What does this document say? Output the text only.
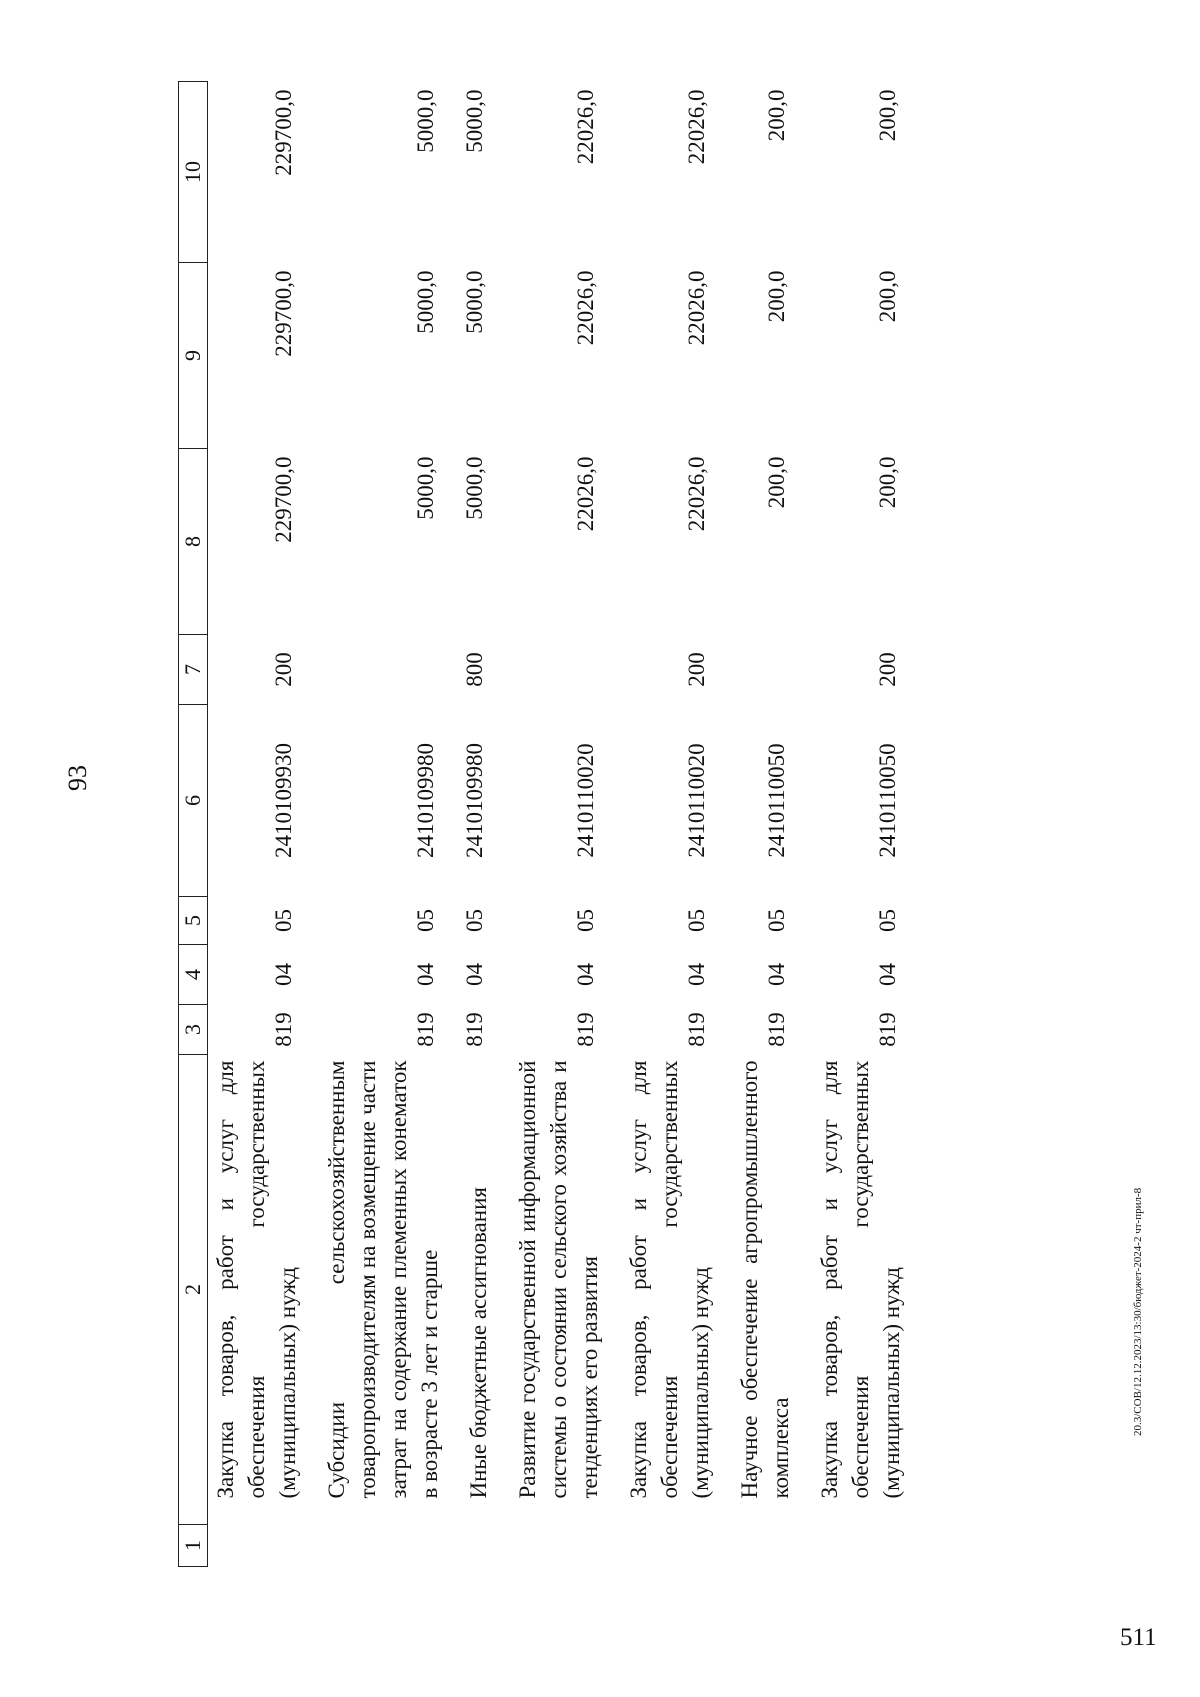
93
1	2	3	4	5	6	7	8	9	10
	Закупка товаров, работ и услуг для обеспечения государственных (муниципальных) нужд	819	04	05	2410109930	200	229700,0	229700,0	229700,0
	Субсидии сельскохозяйственным товаропроизводителям на возмещение части затрат на содержание племенных конематок в возрасте 3 лет и старше	819	04	05	2410109980		5000,0	5000,0	5000,0
	Иные бюджетные ассигнования	819	04	05	2410109980	800	5000,0	5000,0	5000,0
	Развитие государственной информационной системы о состоянии сельского хозяйства и тенденциях его развития	819	04	05	2410110020		22026,0	22026,0	22026,0
	Закупка товаров, работ и услуг для обеспечения государственных (муниципальных) нужд	819	04	05	2410110020	200	22026,0	22026,0	22026,0
	Научное обеспечение агропромышленного комплекса	819	04	05	2410110050		200,0	200,0	200,0
	Закупка товаров, работ и услуг для обеспечения государственных (муниципальных) нужд	819	04	05	2410110050	200	200,0	200,0	200,0
20.3/СОВ/12.12.2023/13:30/бюджет-2024-2 чт-прил-8
511
